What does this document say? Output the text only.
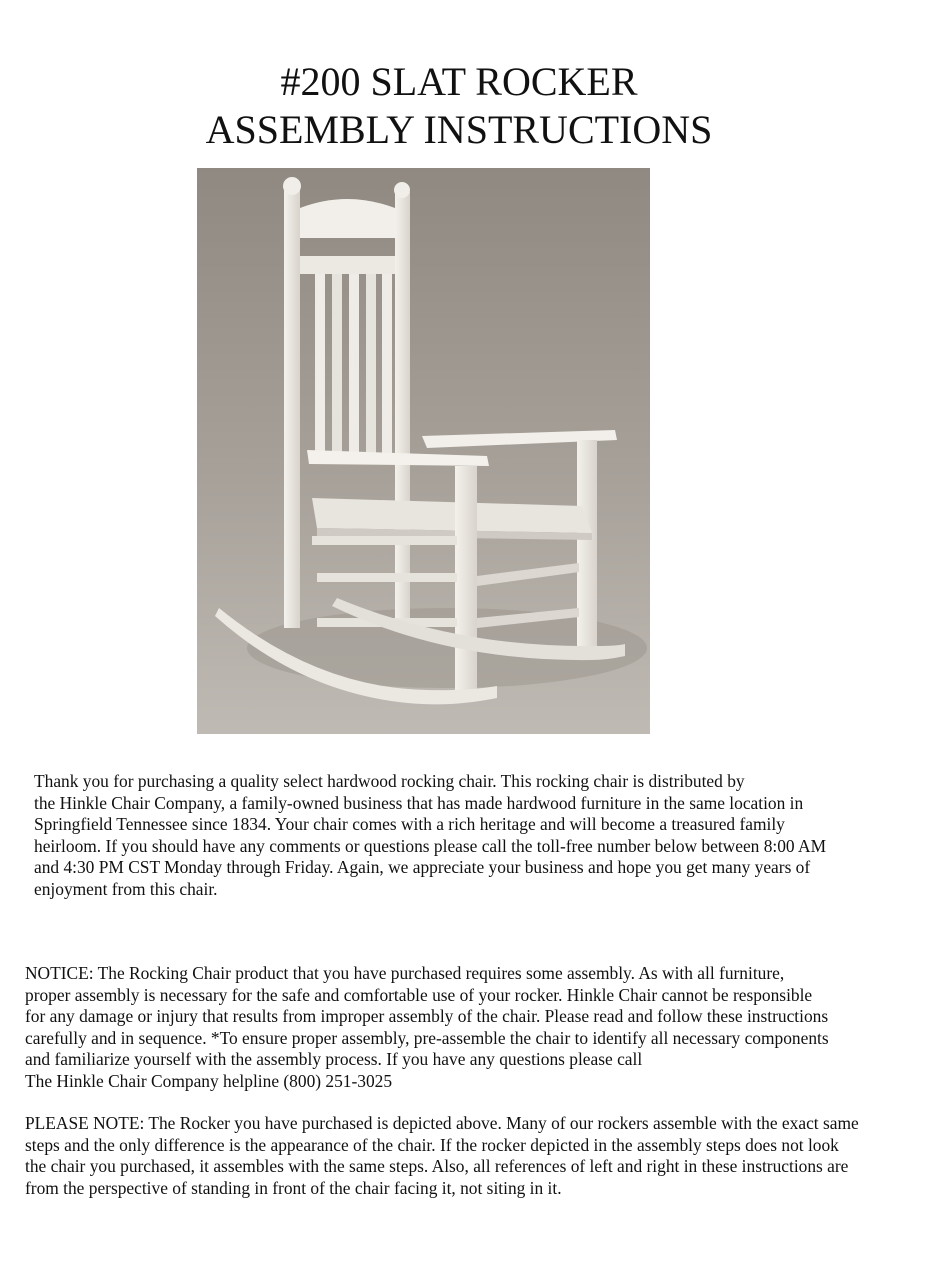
#200 SLAT ROCKER
ASSEMBLY INSTRUCTIONS

Thank you for purchasing a quality select hardwood rocking chair. This rocking chair is distributed by
the Hinkle Chair Company, a family-owned business that has made hardwood furniture in the same location in
Springfield Tennessee since 1834. Your chair comes with a rich heritage and will become a treasured family
heirloom. If you should have any comments or questions please call the toll-free number below between 8:00 AM
and 4:30 PM CST Monday through Friday. Again, we appreciate your business and hope you get many years of
enjoyment from this chair.

NOTICE: The Rocking Chair product that you have purchased requires some assembly. As with all furniture,
proper assembly is necessary for the safe and comfortable use of your rocker. Hinkle Chair cannot be responsible
for any damage or injury that results from improper assembly of the chair. Please read and follow these instructions
carefully and in sequence. *To ensure proper assembly, pre-assemble the chair to identify all necessary components
and familiarize yourself with the assembly process. If you have any questions please call
The Hinkle Chair Company helpline (800) 251-3025

PLEASE NOTE: The Rocker you have purchased is depicted above. Many of our rockers assemble with the exact same
steps and the only difference is the appearance of the chair. If the rocker depicted in the assembly steps does not look
the chair you purchased, it assembles with the same steps. Also, all references of left and right in these instructions are
from the perspective of standing in front of the chair facing it, not siting in it.
